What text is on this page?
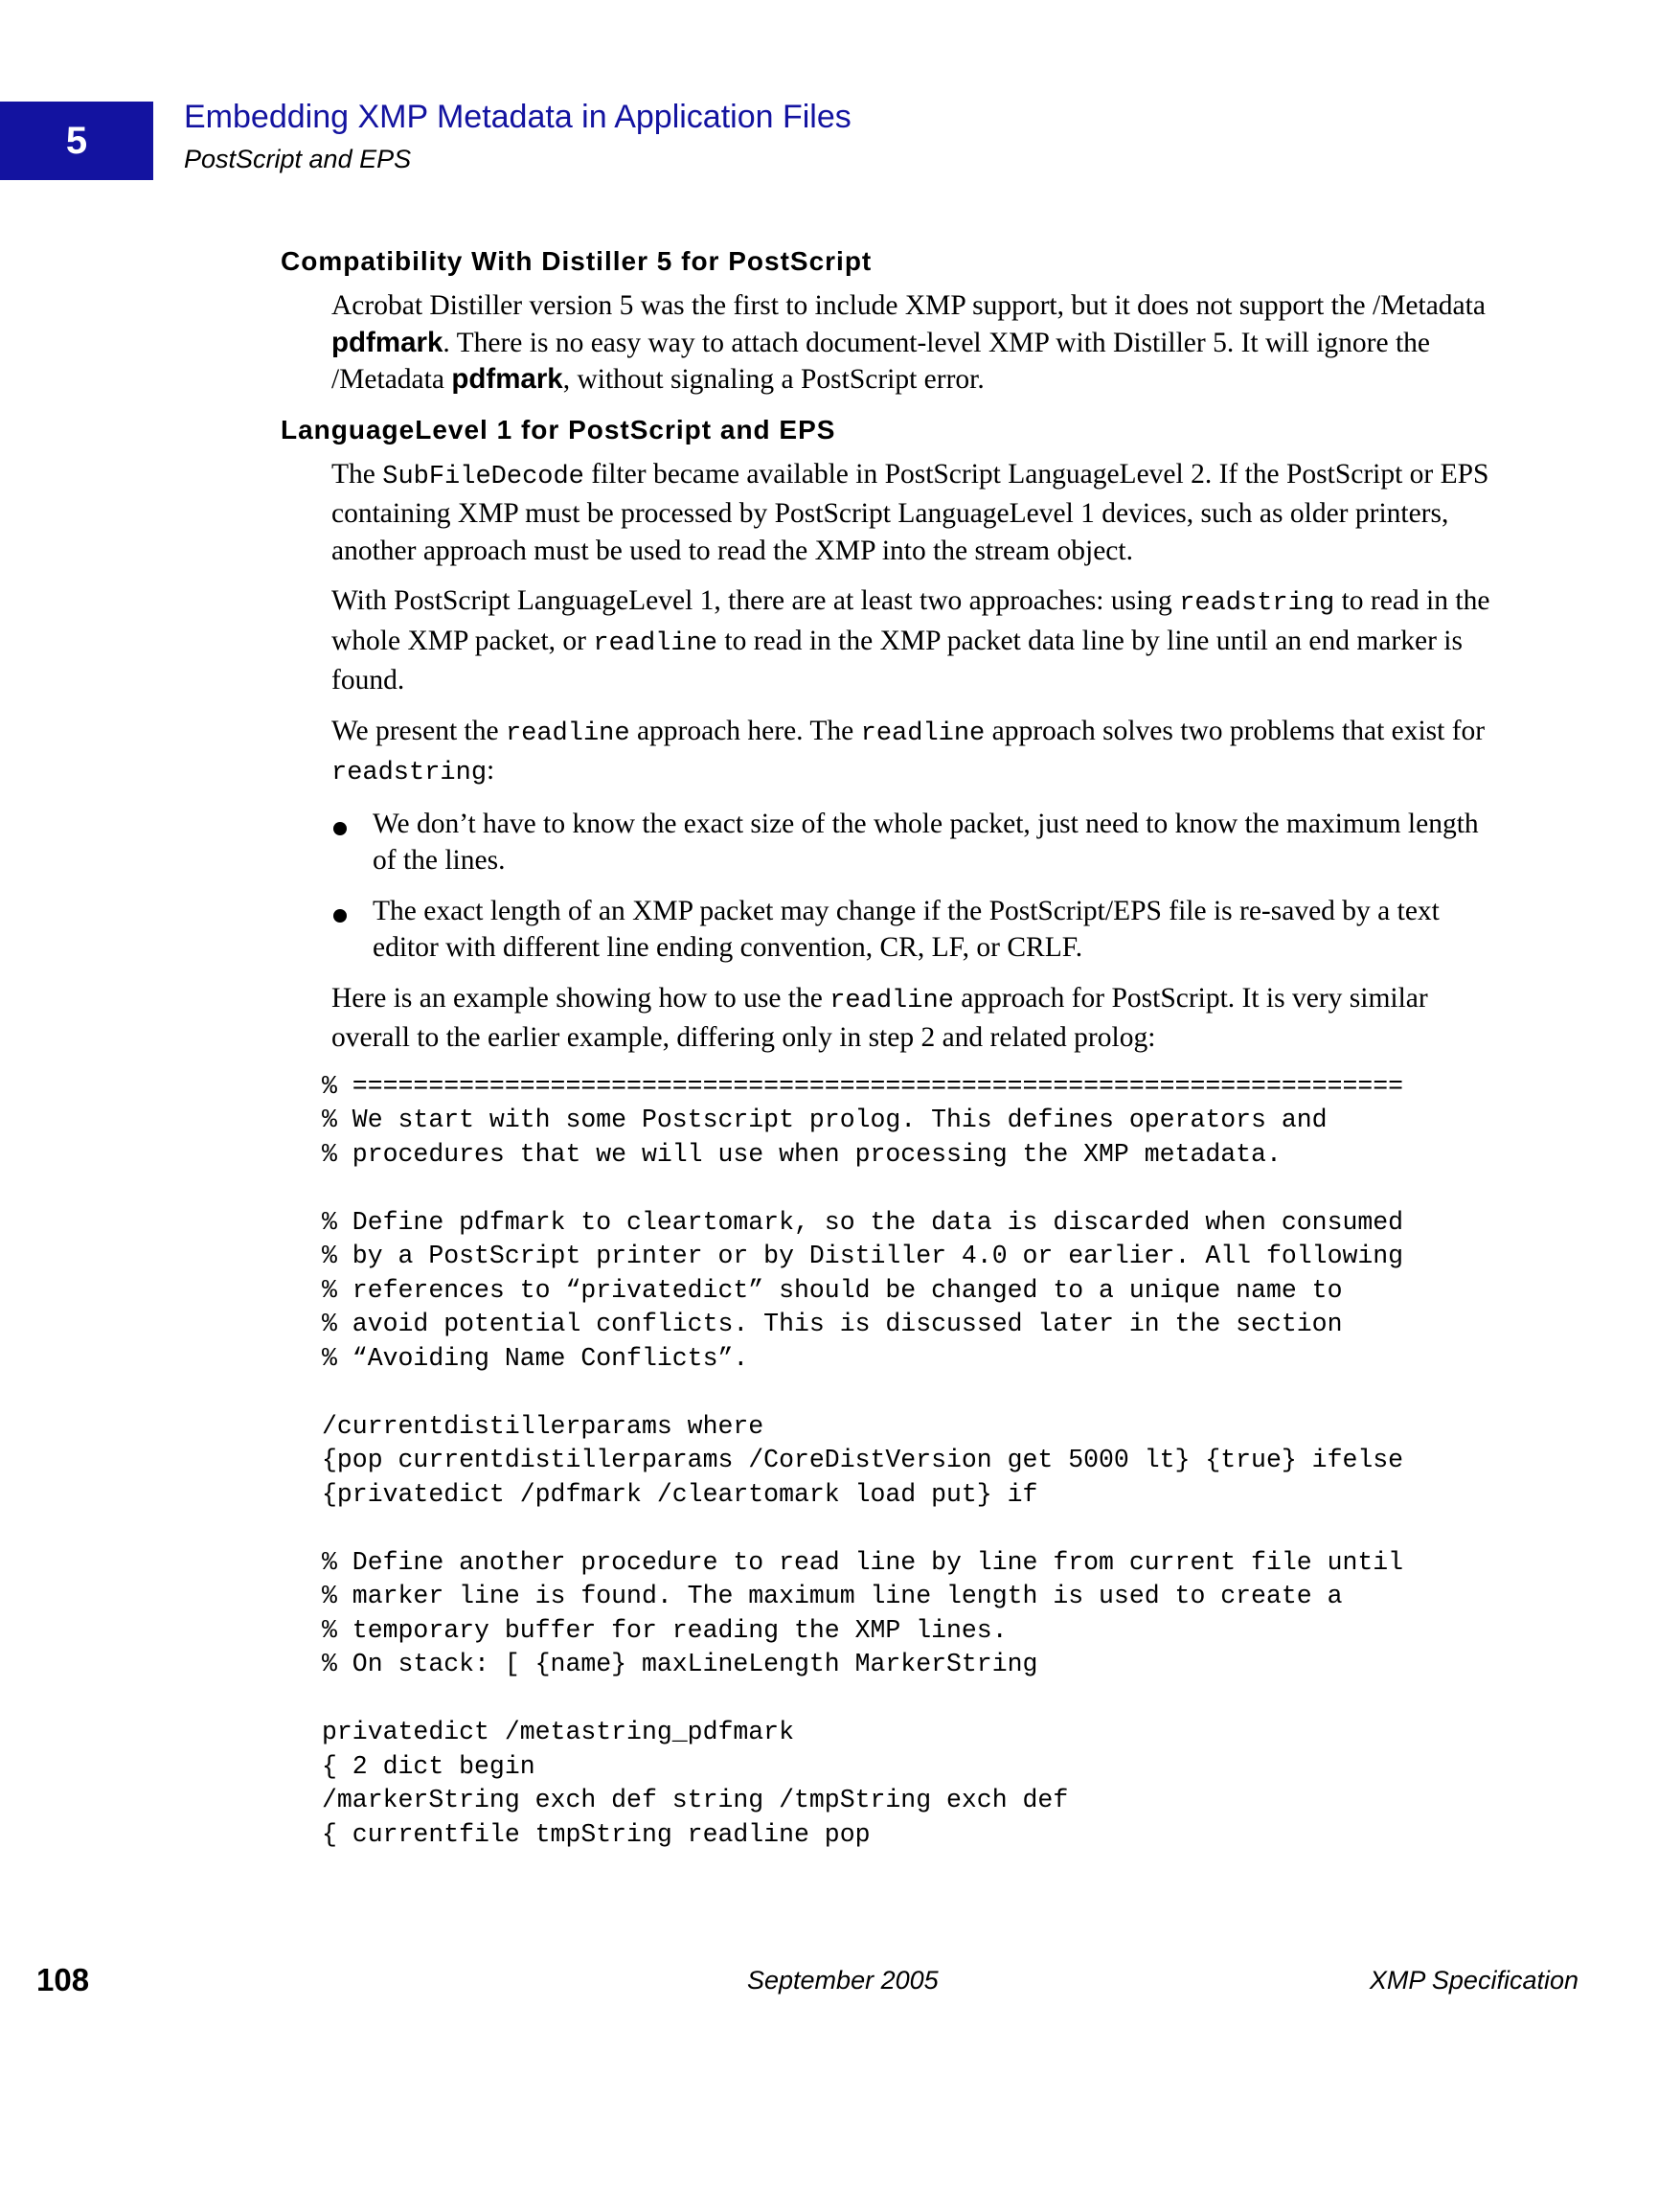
5
Embedding XMP Metadata in Application Files
PostScript and EPS
Compatibility With Distiller 5 for PostScript

Acrobat Distiller version 5 was the first to include XMP support, but it does not support the /Metadata pdfmark. There is no easy way to attach document-level XMP with Distiller 5. It will ignore the /Metadata pdfmark, without signaling a PostScript error.

LanguageLevel 1 for PostScript and EPS

The SubFileDecode filter became available in PostScript LanguageLevel 2. If the PostScript or EPS containing XMP must be processed by PostScript LanguageLevel 1 devices, such as older printers, another approach must be used to read the XMP into the stream object.

With PostScript LanguageLevel 1, there are at least two approaches: using readstring to read in the whole XMP packet, or readline to read in the XMP packet data line by line until an end marker is found.

We present the readline approach here. The readline approach solves two problems that exist for readstring:

We don’t have to know the exact size of the whole packet, just need to know the maximum length of the lines.
The exact length of an XMP packet may change if the PostScript/EPS file is re-saved by a text editor with different line ending convention, CR, LF, or CRLF.

Here is an example showing how to use the readline approach for PostScript. It is very similar overall to the earlier example, differing only in step 2 and related prolog:

% =====================================================================
% We start with some Postscript prolog. This defines operators and
% procedures that we will use when processing the XMP metadata.

% Define pdfmark to cleartomark, so the data is discarded when consumed
% by a PostScript printer or by Distiller 4.0 or earlier. All following
% references to “privatedict” should be changed to a unique name to
% avoid potential conflicts. This is discussed later in the section
% “Avoiding Name Conflicts”.

/currentdistillerparams where
{pop currentdistillerparams /CoreDistVersion get 5000 lt} {true} ifelse
{privatedict /pdfmark /cleartomark load put} if

% Define another procedure to read line by line from current file until
% marker line is found. The maximum line length is used to create a
% temporary buffer for reading the XMP lines.
% On stack: [ {name} maxLineLength MarkerString

privatedict /metastring_pdfmark
{ 2 dict begin
/markerString exch def string /tmpString exch def
{ currentfile tmpString readline pop
108	September 2005	XMP Specification
